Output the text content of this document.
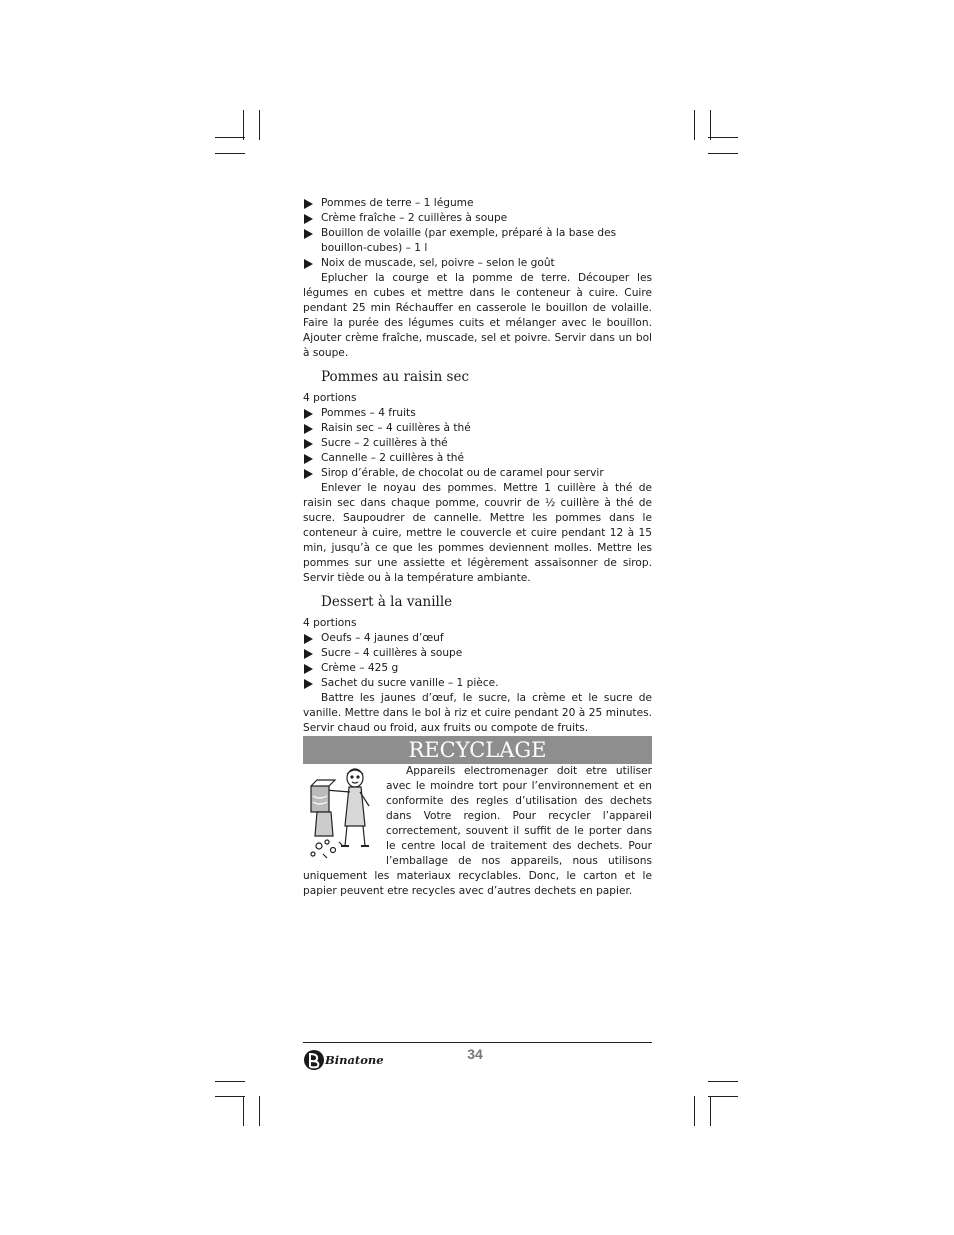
Pommes de terre – 1 légume
Crème fraîche – 2 cuillères à soupe
Bouillon de volaille (par exemple, préparé à la base des bouillon-cubes) – 1 l
Noix de muscade, sel, poivre – selon le goût

Eplucher la courge et la pomme de terre. Découper les légumes en cubes et mettre dans le conteneur à cuire. Cuire pendant 25 min Réchauffer en casserole le bouillon de volaille. Faire la purée des légumes cuits et mélanger avec le bouillon. Ajouter crème fraîche, muscade, sel et poivre. Servir dans un bol à soupe.

Pommes au raisin sec
4 portions
Pommes – 4 fruits
Raisin sec – 4 cuillères à thé
Sucre – 2 cuillères à thé
Cannelle – 2 cuillères à thé
Sirop d’érable, de chocolat ou de caramel pour servir

Enlever le noyau des pommes. Mettre 1 cuillère à thé de raisin sec dans chaque pomme, couvrir de ½ cuillère à thé de sucre. Saupoudrer de cannelle. Mettre les pommes dans le conteneur à cuire, mettre le couvercle et cuire pendant 12 à 15 min, jusqu’à ce que les pommes deviennent molles. Mettre les pommes sur une assiette et légèrement assaisonner de sirop. Servir tiède ou à la température ambiante.

Dessert à la vanille
4 portions
Oeufs – 4 jaunes d’œuf
Sucre – 4 cuillères à soupe
Crème – 425 g
Sachet du sucre vanille – 1 pièce.

Battre les jaunes d’œuf, le sucre, la crème et le sucre de vanille. Mettre dans le bol à riz et cuire pendant 20 à 25 minutes. Servir chaud ou froid, aux fruits ou compote de fruits.

RECYCLAGE

Appareils electromenager doit etre utiliser avec le moindre tort pour l’environnement et en conformite des regles d’utilisation des dechets dans Votre region. Pour recycler l’appareil correctement, souvent il suffit de le porter dans le centre local de traitement des dechets. Pour l’emballage de nos appareils, nous utilisons uniquement les materiaux recyclables. Donc, le carton et le papier peuvent etre recycles avec d’autres dechets en papier.

Binatone	34
